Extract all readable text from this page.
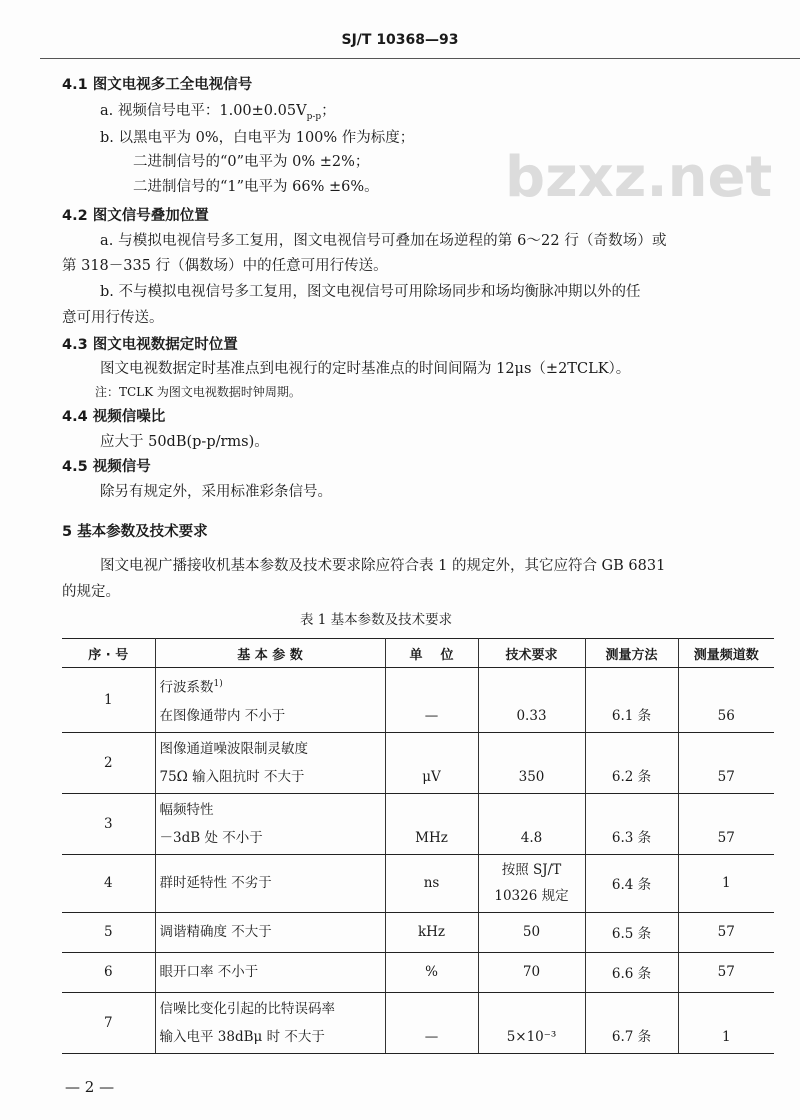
SJ/T 10368—93
bzxz.net
4.1 图文电视多工全电视信号
a. 视频信号电平：$1.00\pm 0.05V_{p-p}$；
b. 以黑电平为 0%，白电平为 100% 作为标度；
二进制信号的“0”电平为 0% ±2%；
二进制信号的“1”电平为 66% ±6%。
4.2 图文信号叠加位置
a. 与模拟电视信号多工复用，图文电视信号可叠加在场逆程的第 6～22 行（奇数场）或
第 318－335 行（偶数场）中的任意可用行传送。
b. 不与模拟电视信号多工复用，图文电视信号可用除场同步和场均衡脉冲期以外的任
意可用行传送。
4.3 图文电视数据定时位置
图文电视数据定时基准点到电视行的定时基准点的时间间隔为 12μs（±2TCLK）。
注：TCLK 为图文电视数据时钟周期。
4.4 视频信噪比
应大于 50dB(p-p/rms)。
4.5 视频信号
除另有规定外，采用标准彩条信号。
5 基本参数及技术要求
图文电视广播接收机基本参数及技术要求除应符合表 1 的规定外，其它应符合 GB 6831
的规定。
表 1 基本参数及技术要求
序 · 号	基 本 参 数	单    位	技术要求	测量方法	测量频道数
1	行波系数$^{1)}$
在图像通带内 不小于	—	0.33	6.1 条	56
2	图像通道噪波限制灵敏度
75Ω 输入阻抗时 不大于	μV	350	6.2 条	57
3	幅频特性
－3dB 处 不小于	MHz	4.8	6.3 条	57
4	群时延特性 不劣于	ns	按照 SJ/T 10326 规定	6.4 条	1
5	调谐精确度 不大于	kHz	50	6.5 条	57
6	眼开口率 不小于	%	70	6.6 条	57
7	信噪比变化引起的比特误码率
输入电平 38dBμ 时 不大于	—	5×10⁻³	6.7 条	1
— 2 —
